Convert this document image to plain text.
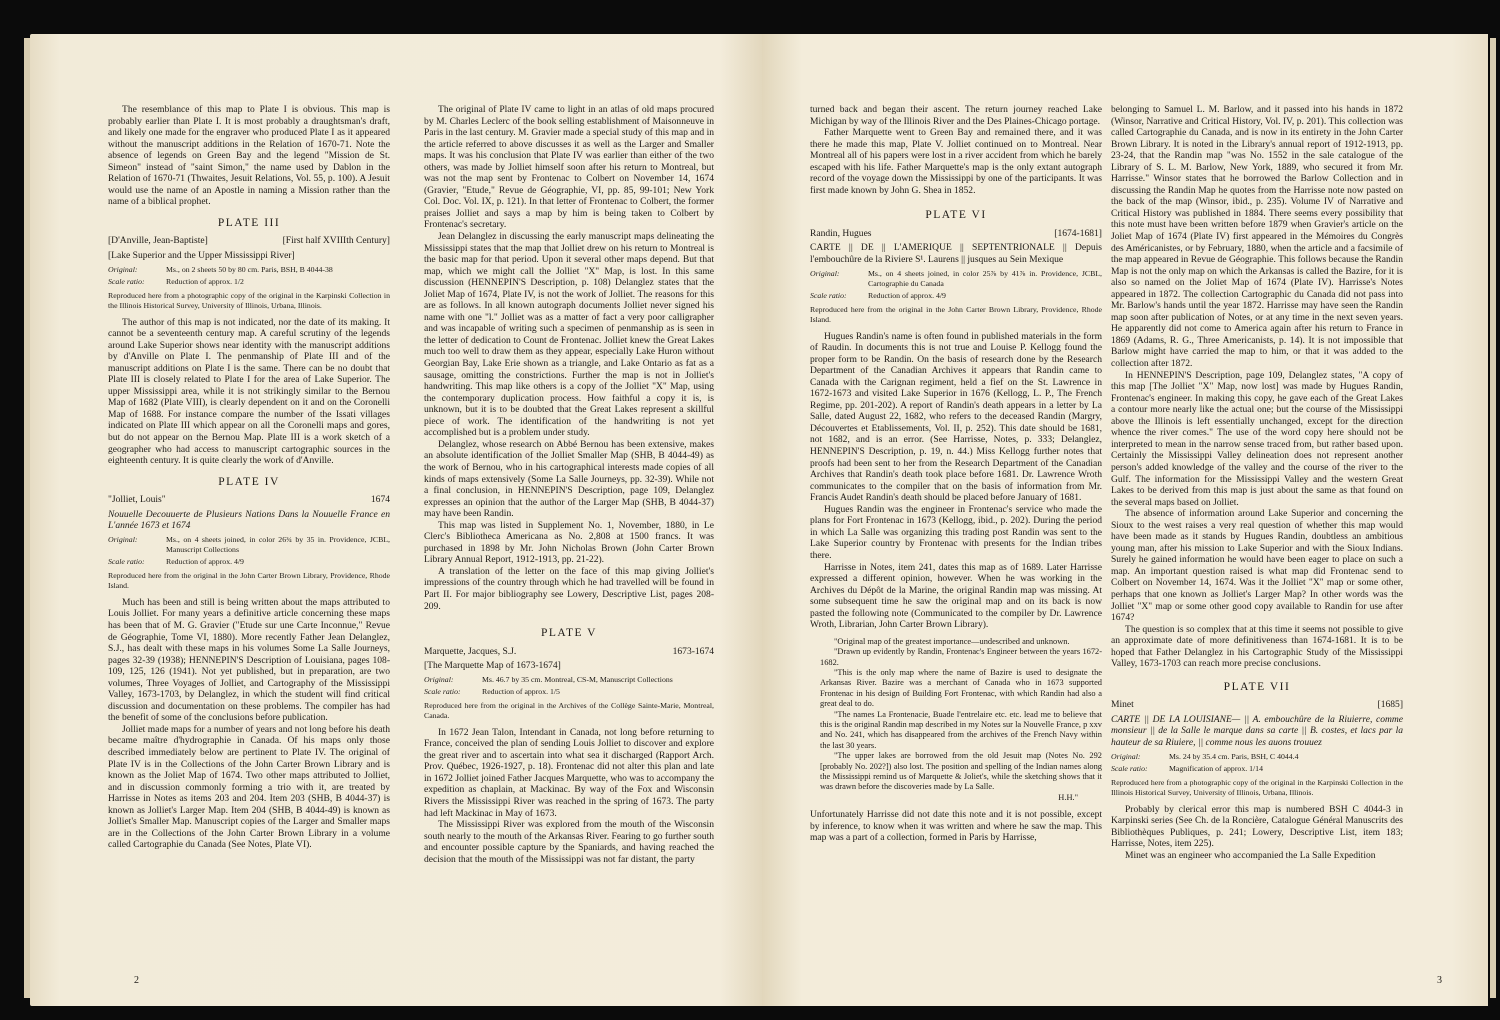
The resemblance of this map to Plate I is obvious. This map is probably earlier than Plate I. It is most probably a draughtsman's draft, and likely one made for the engraver who produced Plate I as it appeared without the manuscript additions in the Relation of 1670-71. Note the absence of legends on Green Bay and the legend "Mission de St. Simeon" instead of "saint Simon," the name used by Dablon in the Relation of 1670-71 (Thwaites, Jesuit Relations, Vol. 55, p. 100). A Jesuit would use the name of an Apostle in naming a Mission rather than the name of a biblical prophet.

PLATE III
[D'Anville, Jean-Baptiste]	[First half XVIIIth Century]
[Lake Superior and the Upper Mississippi River]
Original:	Ms., on 2 sheets 50 by 80 cm. Paris, BSH, B 4044-38
Scale ratio:	Reduction of approx. 1/2

Reproduced here from a photographic copy of the original in the Karpinski Collection in the Illinois Historical Survey, University of Illinois, Urbana, Illinois.

The author of this map is not indicated, nor the date of its making. It cannot be a seventeenth century map. A careful scrutiny of the legends around Lake Superior shows near identity with the manuscript additions by d'Anville on Plate I. The penmanship of Plate III and of the manuscript additions on Plate I is the same. There can be no doubt that Plate III is closely related to Plate I for the area of Lake Superior. The upper Mississippi area, while it is not strikingly similar to the Bernou Map of 1682 (Plate VIII), is clearly dependent on it and on the Coronelli Map of 1688. For instance compare the number of the Issati villages indicated on Plate III which appear on all the Coronelli maps and gores, but do not appear on the Bernou Map. Plate III is a work sketch of a geographer who had access to manuscript cartographic sources in the eighteenth century. It is quite clearly the work of d'Anville.

PLATE IV
"Jolliet, Louis"	1674

Nouuelle Decouuerte de Plusieurs Nations Dans la Nouuelle France en L'année 1673 et 1674

Original:	Ms., on 4 sheets joined, in color 26¾ by 35 in. Providence, JCBL, Manuscript Collections
Scale ratio:	Reduction of approx. 4/9

Reproduced here from the original in the John Carter Brown Library, Providence, Rhode Island.

Much has been and still is being written about the maps attributed to Louis Jolliet. For many years a definitive article concerning these maps has been that of M. G. Gravier ("Etude sur une Carte Inconnue," Revue de Géographie, Tome VI, 1880). More recently Father Jean Delanglez, S.J., has dealt with these maps in his volumes Some La Salle Journeys, pages 32-39 (1938); HENNEPIN'S Description of Louisiana, pages 108-109, 125, 126 (1941). Not yet published, but in preparation, are two volumes, Three Voyages of Jolliet, and Cartography of the Mississippi Valley, 1673-1703, by Delanglez, in which the student will find critical discussion and documentation on these problems. The compiler has had the benefit of some of the conclusions before publication.

Jolliet made maps for a number of years and not long before his death became maître d'hydrographie in Canada. Of his maps only those described immediately below are pertinent to Plate IV. The original of Plate IV is in the Collections of the John Carter Brown Library and is known as the Joliet Map of 1674. Two other maps attributed to Jolliet, and in discussion commonly forming a trio with it, are treated by Harrisse in Notes as items 203 and 204. Item 203 (SHB, B 4044-37) is known as Jolliet's Larger Map. Item 204 (SHB, B 4044-49) is known as Jolliet's Smaller Map. Manuscript copies of the Larger and Smaller maps are in the Collections of the John Carter Brown Library in a volume called Cartographie du Canada (See Notes, Plate VI).

The original of Plate IV came to light in an atlas of old maps procured by M. Charles Leclerc of the book selling establishment of Maisonneuve in Paris in the last century. M. Gravier made a special study of this map and in the article referred to above discusses it as well as the Larger and Smaller maps. It was his conclusion that Plate IV was earlier than either of the two others, was made by Jolliet himself soon after his return to Montreal, but was not the map sent by Frontenac to Colbert on November 14, 1674 (Gravier, "Etude," Revue de Géographie, VI, pp. 85, 99-101; New York Col. Doc. Vol. IX, p. 121). In that letter of Frontenac to Colbert, the former praises Jolliet and says a map by him is being taken to Colbert by Frontenac's secretary.

Jean Delanglez in discussing the early manuscript maps delineating the Mississippi states that the map that Jolliet drew on his return to Montreal is the basic map for that period. Upon it several other maps depend. But that map, which we might call the Jolliet "X" Map, is lost. In this same discussion (HENNEPIN'S Description, p. 108) Delanglez states that the Joliet Map of 1674, Plate IV, is not the work of Jolliet. The reasons for this are as follows. In all known autograph documents Jolliet never signed his name with one "l." Jolliet was as a matter of fact a very poor calligrapher and was incapable of writing such a specimen of penmanship as is seen in the letter of dedication to Count de Frontenac. Jolliet knew the Great Lakes much too well to draw them as they appear, especially Lake Huron without Georgian Bay, Lake Erie shown as a triangle, and Lake Ontario as fat as a sausage, omitting the constrictions. Further the map is not in Jolliet's handwriting. This map like others is a copy of the Jolliet "X" Map, using the contemporary duplication process. How faithful a copy it is, is unknown, but it is to be doubted that the Great Lakes represent a skillful piece of work. The identification of the handwriting is not yet accomplished but is a problem under study.

Delanglez, whose research on Abbé Bernou has been extensive, makes an absolute identification of the Jolliet Smaller Map (SHB, B 4044-49) as the work of Bernou, who in his cartographical interests made copies of all kinds of maps extensively (Some La Salle Journeys, pp. 32-39). While not a final conclusion, in HENNEPIN'S Description, page 109, Delanglez expresses an opinion that the author of the Larger Map (SHB, B 4044-37) may have been Randin.

This map was listed in Supplement No. 1, November, 1880, in Le Clerc's Bibliotheca Americana as No. 2,808 at 1500 francs. It was purchased in 1898 by Mr. John Nicholas Brown (John Carter Brown Library Annual Report, 1912-1913, pp. 21-22).

A translation of the letter on the face of this map giving Jolliet's impressions of the country through which he had travelled will be found in Part II. For major bibliography see Lowery, Descriptive List, pages 208-209.

PLATE V
Marquette, Jacques, S.J.	1673-1674
[The Marquette Map of 1673-1674]
Original:	Ms. 46.7 by 35 cm. Montreal, CS-M, Manuscript Collections
Scale ratio:	Reduction of approx. 1/5

Reproduced here from the original in the Archives of the Collège Sainte-Marie, Montreal, Canada.

In 1672 Jean Talon, Intendant in Canada, not long before returning to France, conceived the plan of sending Louis Jolliet to discover and explore the great river and to ascertain into what sea it discharged (Rapport Arch. Prov. Québec, 1926-1927, p. 18). Frontenac did not alter this plan and late in 1672 Jolliet joined Father Jacques Marquette, who was to accompany the expedition as chaplain, at Mackinac. By way of the Fox and Wisconsin Rivers the Mississippi River was reached in the spring of 1673. The party had left Mackinac in May of 1673.

The Mississippi River was explored from the mouth of the Wisconsin south nearly to the mouth of the Arkansas River. Fearing to go further south and encounter possible capture by the Spaniards, and having reached the decision that the mouth of the Mississippi was not far distant, the party

2

turned back and began their ascent. The return journey reached Lake Michigan by way of the Illinois River and the Des Plaines-Chicago portage.

Father Marquette went to Green Bay and remained there, and it was there he made this map, Plate V. Jolliet continued on to Montreal. Near Montreal all of his papers were lost in a river accident from which he barely escaped with his life. Father Marquette's map is the only extant autograph record of the voyage down the Mississippi by one of the participants. It was first made known by John G. Shea in 1852.

PLATE VI
Randin, Hugues	[1674-1681]

CARTE || DE || L'AMERIQUE || SEPTENTRIONALE || Depuis l'embouchûre de la Riviere S¹. Laurens || jusques au Sein Mexique

Original:	Ms., on 4 sheets joined, in color 25⅞ by 41⅞ in. Providence, JCBL, Cartographie du Canada
Scale ratio:	Reduction of approx. 4/9

Reproduced here from the original in the John Carter Brown Library, Providence, Rhode Island.

Hugues Randin's name is often found in published materials in the form of Raudin. In documents this is not true and Louise P. Kellogg found the proper form to be Randin. On the basis of research done by the Research Department of the Canadian Archives it appears that Randin came to Canada with the Carignan regiment, held a fief on the St. Lawrence in 1672-1673 and visited Lake Superior in 1676 (Kellogg, L. P., The French Regime, pp. 201-202). A report of Randin's death appears in a letter by La Salle, dated August 22, 1682, who refers to the deceased Randin (Margry, Découvertes et Etablissements, Vol. II, p. 252). This date should be 1681, not 1682, and is an error. (See Harrisse, Notes, p. 333; Delanglez, HENNEPIN'S Description, p. 19, n. 44.) Miss Kellogg further notes that proofs had been sent to her from the Research Department of the Canadian Archives that Randin's death took place before 1681. Dr. Lawrence Wroth communicates to the compiler that on the basis of information from Mr. Francis Audet Randin's death should be placed before January of 1681.

Hugues Randin was the engineer in Frontenac's service who made the plans for Fort Frontenac in 1673 (Kellogg, ibid., p. 202). During the period in which La Salle was organizing this trading post Randin was sent to the Lake Superior country by Frontenac with presents for the Indian tribes there.

Harrisse in Notes, item 241, dates this map as of 1689. Later Harrisse expressed a different opinion, however. When he was working in the Archives du Dépôt de la Marine, the original Randin map was missing. At some subsequent time he saw the original map and on its back is now pasted the following note (Communicated to the compiler by Dr. Lawrence Wroth, Librarian, John Carter Brown Library).

"Original map of the greatest importance—undescribed and unknown.

"Drawn up evidently by Randin, Frontenac's Engineer between the years 1672-1682.

"This is the only map where the name of Bazire is used to designate the Arkansas River. Bazire was a merchant of Canada who in 1673 supported Frontenac in his design of Building Fort Frontenac, with which Randin had also a great deal to do.

"The names La Frontenacie, Buade l'entrelaire etc. etc. lead me to believe that this is the original Randin map described in my Notes sur la Nouvelle France, p xxv and No. 241, which has disappeared from the archives of the French Navy within the last 30 years.

"The upper lakes are borrowed from the old Jesuit map (Notes No. 292 [probably No. 202?]) also lost. The position and spelling of the Indian names along the Mississippi remind us of Marquette & Joliet's, while the sketching shows that it was drawn before the discoveries made by La Salle.

H.H."

Unfortunately Harrisse did not date this note and it is not possible, except by inference, to know when it was written and where he saw the map. This map was a part of a collection, formed in Paris by Harrisse,

belonging to Samuel L. M. Barlow, and it passed into his hands in 1872 (Winsor, Narrative and Critical History, Vol. IV, p. 201). This collection was called Cartographie du Canada, and is now in its entirety in the John Carter Brown Library. It is noted in the Library's annual report of 1912-1913, pp. 23-24, that the Randin map "was No. 1552 in the sale catalogue of the Library of S. L. M. Barlow, New York, 1889, who secured it from Mr. Harrisse." Winsor states that he borrowed the Barlow Collection and in discussing the Randin Map he quotes from the Harrisse note now pasted on the back of the map (Winsor, ibid., p. 235). Volume IV of Narrative and Critical History was published in 1884. There seems every possibility that this note must have been written before 1879 when Gravier's article on the Joliet Map of 1674 (Plate IV) first appeared in the Mémoires du Congrès des Américanistes, or by February, 1880, when the article and a facsimile of the map appeared in Revue de Géographie. This follows because the Randin Map is not the only map on which the Arkansas is called the Bazire, for it is also so named on the Joliet Map of 1674 (Plate IV). Harrisse's Notes appeared in 1872. The collection Cartographic du Canada did not pass into Mr. Barlow's hands until the year 1872. Harrisse may have seen the Randin map soon after publication of Notes, or at any time in the next seven years. He apparently did not come to America again after his return to France in 1869 (Adams, R. G., Three Americanists, p. 14). It is not impossible that Barlow might have carried the map to him, or that it was added to the collection after 1872.

In HENNEPIN'S Description, page 109, Delanglez states, "A copy of this map [The Jolliet "X" Map, now lost] was made by Hugues Randin, Frontenac's engineer. In making this copy, he gave each of the Great Lakes a contour more nearly like the actual one; but the course of the Mississippi above the Illinois is left essentially unchanged, except for the direction whence the river comes." The use of the word copy here should not be interpreted to mean in the narrow sense traced from, but rather based upon. Certainly the Mississippi Valley delineation does not represent another person's added knowledge of the valley and the course of the river to the Gulf. The information for the Mississippi Valley and the western Great Lakes to be derived from this map is just about the same as that found on the several maps based on Jolliet.

The absence of information around Lake Superior and concerning the Sioux to the west raises a very real question of whether this map would have been made as it stands by Hugues Randin, doubtless an ambitious young man, after his mission to Lake Superior and with the Sioux Indians. Surely he gained information he would have been eager to place on such a map. An important question raised is what map did Frontenac send to Colbert on November 14, 1674. Was it the Jolliet "X" map or some other, perhaps that one known as Jolliet's Larger Map? In other words was the Jolliet "X" map or some other good copy available to Randin for use after 1674?

The question is so complex that at this time it seems not possible to give an approximate date of more definitiveness than 1674-1681. It is to be hoped that Father Delanglez in his Cartographic Study of the Mississippi Valley, 1673-1703 can reach more precise conclusions.

PLATE VII
Minet	[1685]

CARTE || DE LA LOUISIANE— || A. embouchûre de la Riuierre, comme monsieur || de la Salle le marque dans sa carte || B. costes, et lacs par la hauteur de sa Riuiere, || comme nous les auons trouuez

Original:	Ms. 24 by 35.4 cm. Paris, BSH, C 4044.4
Scale ratio:	Magnification of approx. 1/14

Reproduced here from a photographic copy of the original in the Karpinski Collection in the Illinois Historical Survey, University of Illinois, Urbana, Illinois.

Probably by clerical error this map is numbered BSH C 4044-3 in Karpinski series (See Ch. de la Roncière, Catalogue Général Manuscrits des Bibliothèques Publiques, p. 241; Lowery, Descriptive List, item 183; Harrisse, Notes, item 225).

Minet was an engineer who accompanied the La Salle Expedition

3
